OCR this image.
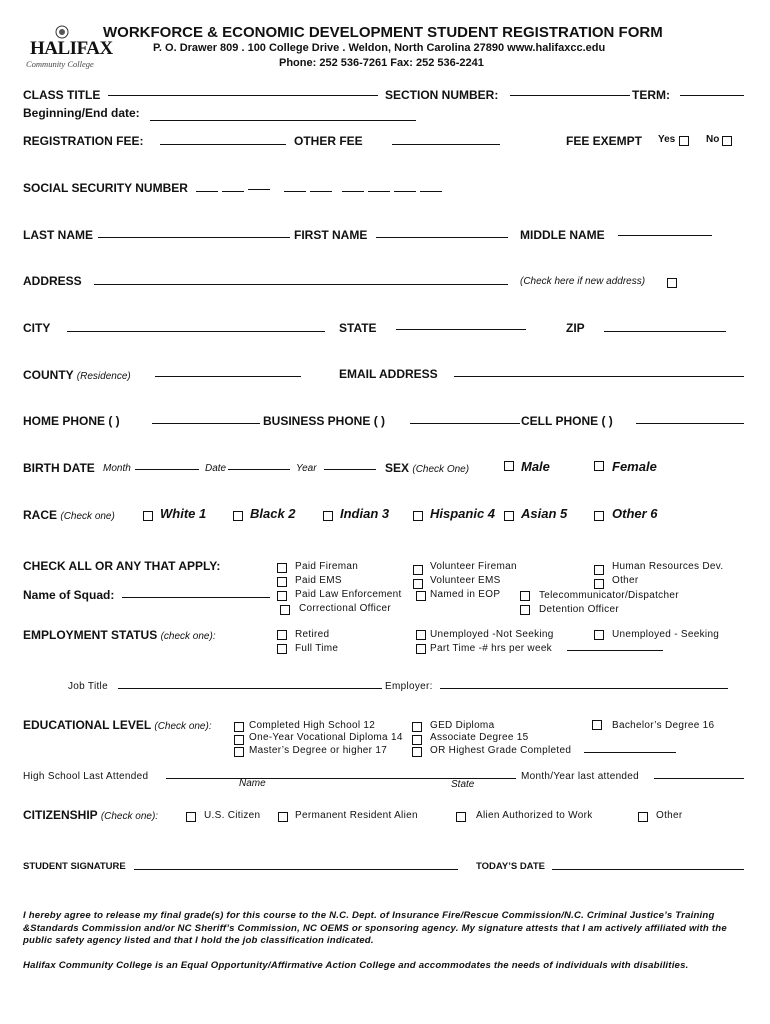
HALIFAX
Community College
WORKFORCE & ECONOMIC DEVELOPMENT STUDENT REGISTRATION FORM
P. O. Drawer 809 . 100 College Drive . Weldon, North Carolina 27890 www.halifaxcc.edu
Phone: 252 536-7261 Fax: 252 536-2241
CLASS TITLE	SECTION NUMBER:	TERM:
Beginning/End date:
REGISTRATION FEE:	OTHER FEE	FEE EXEMPT Yes	No
SOCIAL SECURITY NUMBER
LAST NAME	FIRST NAME	MIDDLE NAME
ADDRESS	(Check here if new address)
CITY	STATE	ZIP
COUNTY (Residence)	EMAIL ADDRESS
HOME PHONE ( )	BUSINESS PHONE ( )	CELL PHONE ( )
BIRTH DATE Month	Date	Year	SEX (Check One)	Male	Female
RACE (Check one)	White 1	Black 2	Indian 3	Hispanic 4 Asian 5	Other 6
CHECK ALL OR ANY THAT APPLY:
Name of Squad:
Paid Fireman
Paid EMS
Paid Law Enforcement
Correctional Officer
Volunteer Fireman
Volunteer EMS
Named in EOP
Human Resources Dev.
Other
Telecommunicator/Dispatcher
Detention Officer
EMPLOYMENT STATUS (check one):	Retired
Full Time
Unemployed -Not Seeking
Part Time -# hrs per week
Unemployed - Seeking
Job Title	Employer:
EDUCATIONAL LEVEL (Check one):	Completed High School 12
One-Year Vocational Diploma 14
Master’s Degree or higher 17
GED Diploma
Associate Degree 15
OR Highest Grade Completed
Bachelor’s Degree 16
High School Last Attended
Name	State
Month/Year last attended
CITIZENSHIP (Check one):	U.S. Citizen	Permanent Resident Alien	Alien Authorized to Work	Other
STUDENT SIGNATURE	TODAY’S DATE
I hereby agree to release my final grade(s) for this course to the N.C. Dept. of Insurance Fire/Rescue Commission/N.C. Criminal Justice’s Training &Standards Commission and/or NC Sheriff’s Commission, NC OEMS or sponsoring agency. My signature attests that I am actively affiliated with the public safety agency listed and that I hold the job classification indicated.
Halifax Community College is an Equal Opportunity/Affirmative Action College and accommodates the needs of individuals with disabilities.
